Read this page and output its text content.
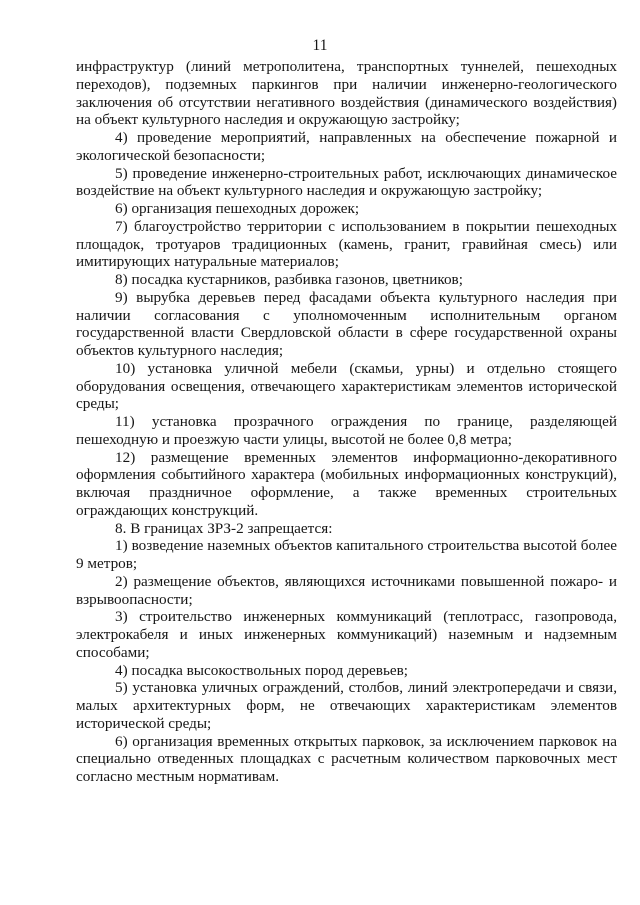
11

инфраструктур (линий метрополитена, транспортных туннелей, пешеходных переходов), подземных паркингов при наличии инженерно-геологического заключения об отсутствии негативного воздействия (динамического воздействия) на объект культурного наследия и окружающую застройку;

4) проведение мероприятий, направленных на обеспечение пожарной и экологической безопасности;

5) проведение инженерно-строительных работ, исключающих динамическое воздействие на объект культурного наследия и окружающую застройку;

6) организация пешеходных дорожек;

7) благоустройство территории с использованием в покрытии пешеходных площадок, тротуаров традиционных (камень, гранит, гравийная смесь) или имитирующих натуральные материалов;

8) посадка кустарников, разбивка газонов, цветников;

9) вырубка деревьев перед фасадами объекта культурного наследия при наличии согласования с уполномоченным исполнительным органом государственной власти Свердловской области в сфере государственной охраны объектов культурного наследия;

10) установка уличной мебели (скамьи, урны) и отдельно стоящего оборудования освещения, отвечающего характеристикам элементов исторической среды;

11) установка прозрачного ограждения по границе, разделяющей пешеходную и проезжую части улицы, высотой не более 0,8 метра;

12) размещение временных элементов информационно-декоративного оформления событийного характера (мобильных информационных конструкций), включая праздничное оформление, а также временных строительных ограждающих конструкций.

8. В границах ЗРЗ-2 запрещается:

1) возведение наземных объектов капитального строительства высотой более 9 метров;

2) размещение объектов, являющихся источниками повышенной пожаро- и взрывоопасности;

3) строительство инженерных коммуникаций (теплотрасс, газопровода, электрокабеля и иных инженерных коммуникаций) наземным и надземным способами;

4) посадка высокоствольных пород деревьев;

5) установка уличных ограждений, столбов, линий электропередачи и связи, малых архитектурных форм, не отвечающих характеристикам элементов исторической среды;

6) организация временных открытых парковок, за исключением парковок на специально отведенных площадках с расчетным количеством парковочных мест согласно местным нормативам.
